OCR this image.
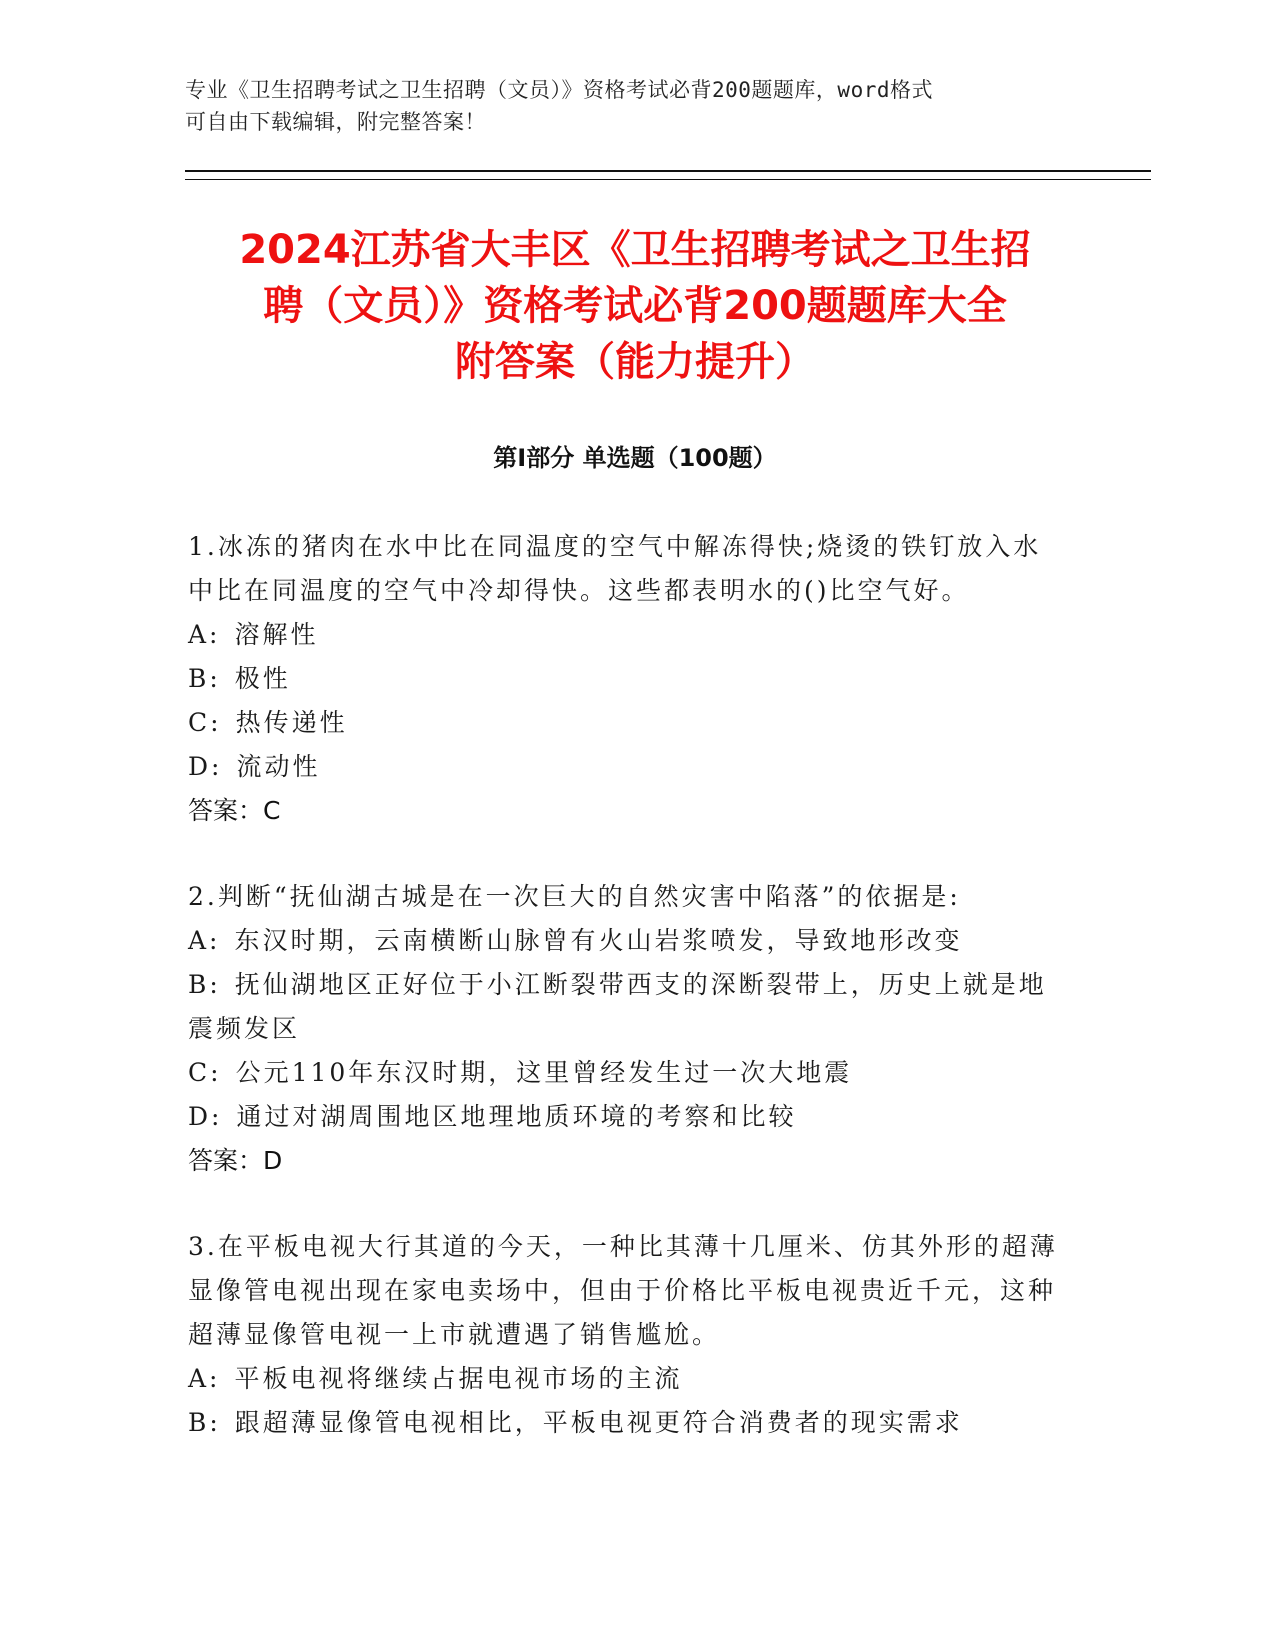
专业《卫生招聘考试之卫生招聘（文员）》资格考试必背200题题库，word格式
可自由下载编辑，附完整答案！
2024江苏省大丰区《卫生招聘考试之卫生招
聘（文员）》资格考试必背200题题库大全
附答案（能力提升）
第Ⅰ部分 单选题（100题）
1.冰冻的猪肉在水中比在同温度的空气中解冻得快;烧烫的铁钉放入水中比在同温度的空气中冷却得快。这些都表明水的()比空气好。
A: 溶解性
B: 极性
C: 热传递性
D: 流动性
答案：C
2.判断“抚仙湖古城是在一次巨大的自然灾害中陷落”的依据是:
A: 东汉时期，云南横断山脉曾有火山岩浆喷发，导致地形改变
B: 抚仙湖地区正好位于小江断裂带西支的深断裂带上，历史上就是地震频发区
C: 公元110年东汉时期，这里曾经发生过一次大地震
D: 通过对湖周围地区地理地质环境的考察和比较
答案：D
3.在平板电视大行其道的今天，一种比其薄十几厘米、仿其外形的超薄显像管电视出现在家电卖场中，但由于价格比平板电视贵近千元，这种超薄显像管电视一上市就遭遇了销售尴尬。
A: 平板电视将继续占据电视市场的主流
B: 跟超薄显像管电视相比，平板电视更符合消费者的现实需求
